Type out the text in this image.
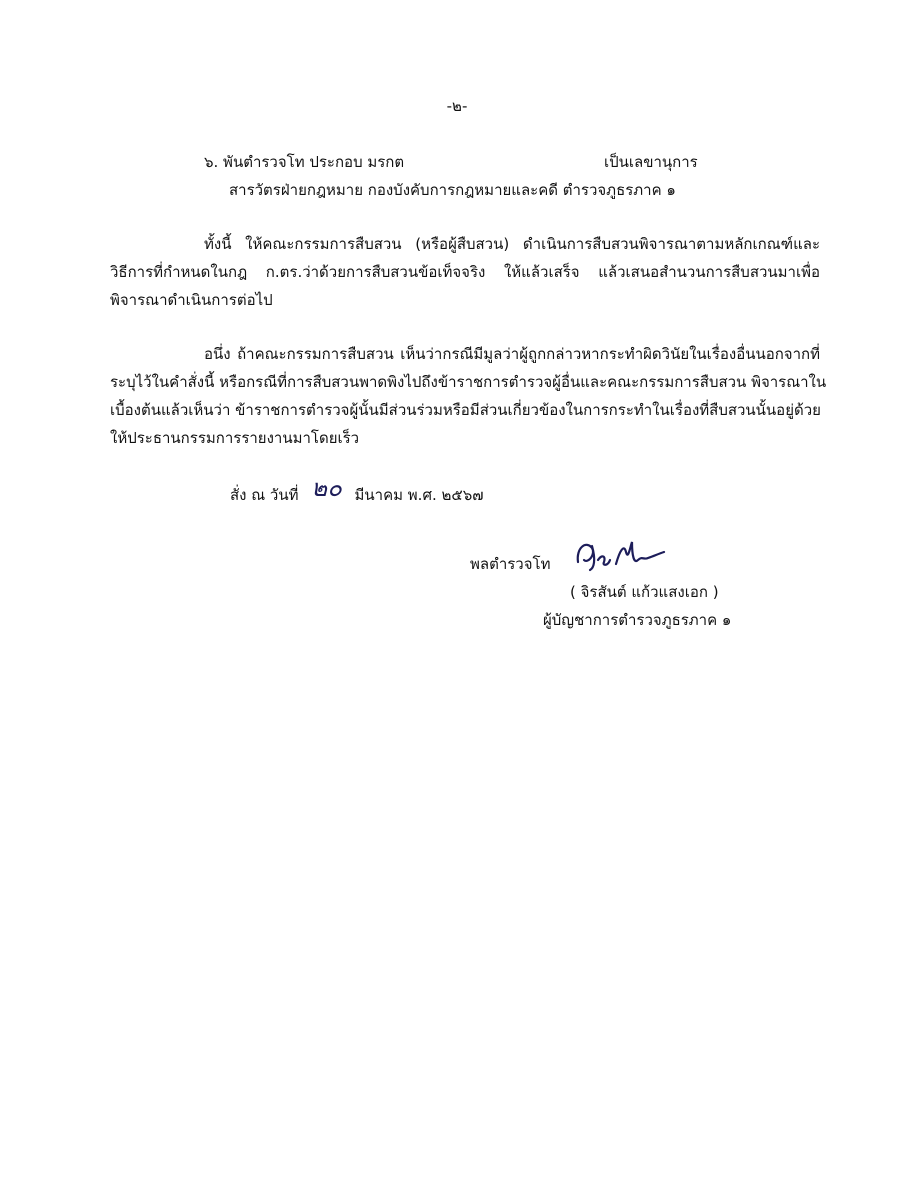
-๒-
๖. พันตำรวจโท ประกอบ มรกต	เป็นเลขานุการ
สารวัตรฝ่ายกฎหมาย กองบังคับการกฎหมายและคดี ตำรวจภูธรภาค ๑
ทั้งนี้ ให้คณะกรรมการสืบสวน (หรือผู้สืบสวน) ดำเนินการสืบสวนพิจารณาตามหลักเกณฑ์และ
วิธีการที่กำหนดในกฎ ก.ตร.ว่าด้วยการสืบสวนข้อเท็จจริง ให้แล้วเสร็จ แล้วเสนอสำนวนการสืบสวนมาเพื่อ
พิจารณาดำเนินการต่อไป
อนึ่ง ถ้าคณะกรรมการสืบสวน เห็นว่ากรณีมีมูลว่าผู้ถูกกล่าวหากระทำผิดวินัยในเรื่องอื่นนอกจากที่
ระบุไว้ในคำสั่งนี้ หรือกรณีที่การสืบสวนพาดพิงไปถึงข้าราชการตำรวจผู้อื่นและคณะกรรมการสืบสวน พิจารณาใน
เบื้องต้นแล้วเห็นว่า ข้าราชการตำรวจผู้นั้นมีส่วนร่วมหรือมีส่วนเกี่ยวข้องในการกระทำในเรื่องที่สืบสวนนั้นอยู่ด้วย
ให้ประธานกรรมการรายงานมาโดยเร็ว
สั่ง ณ วันที่ ๒๐ มีนาคม พ.ศ. ๒๕๖๗
พลตำรวจโท
( จิรสันต์ แก้วแสงเอก )
ผู้บัญชาการตำรวจภูธรภาค ๑
